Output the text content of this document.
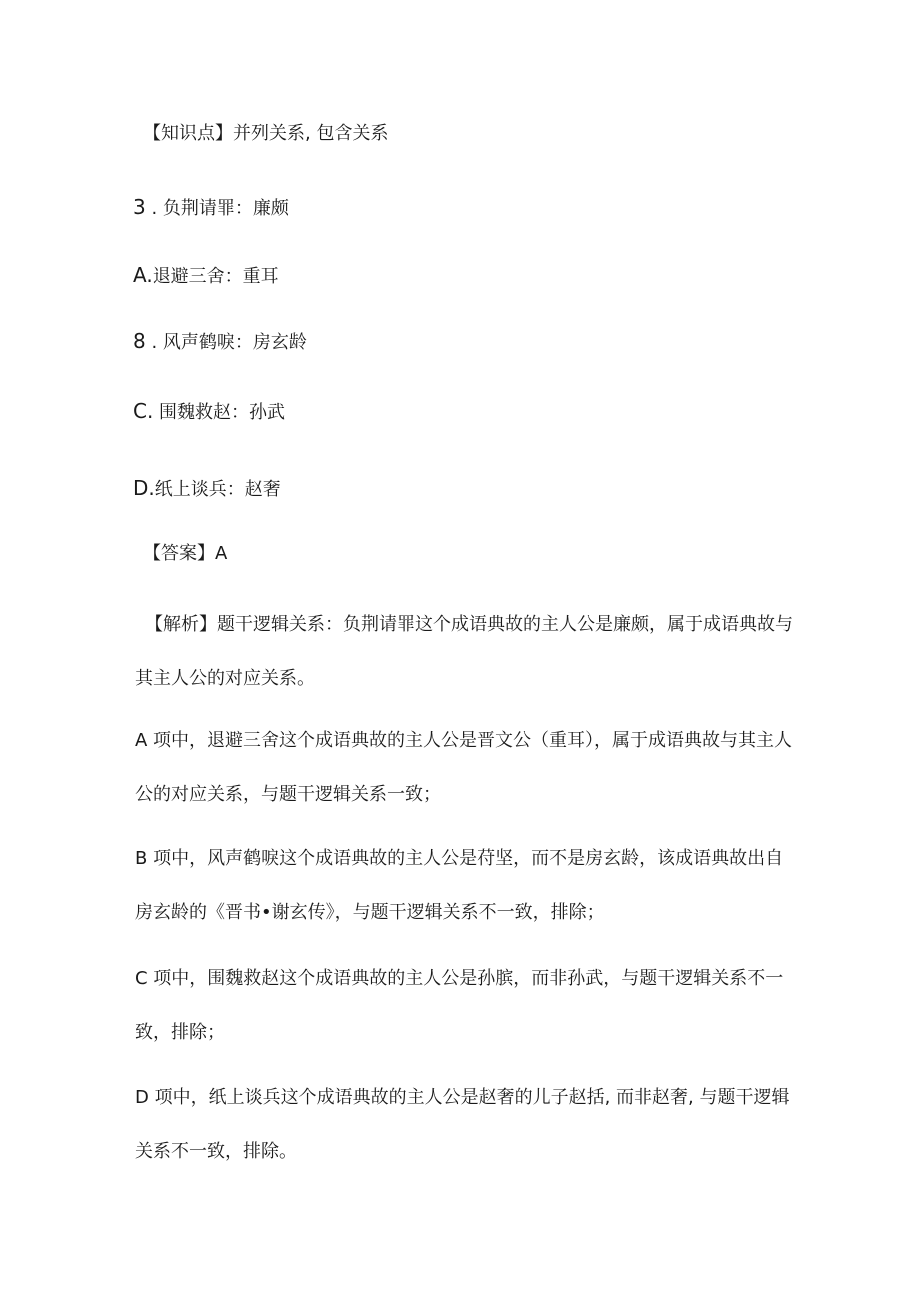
【知识点】并列关系, 包含关系
3 . 负荆请罪：廉颇
A.退避三舍：重耳
8 . 风声鹤唳：房玄龄
C. 围魏救赵：孙武
D.纸上谈兵：赵奢
【答案】A
【解析】题干逻辑关系：负荆请罪这个成语典故的主人公是廉颇，属于成语典故与其主人公的对应关系。
A 项中，退避三舍这个成语典故的主人公是晋文公（重耳），属于成语典故与其主人公的对应关系，与题干逻辑关系一致；
B 项中，风声鹤唳这个成语典故的主人公是苻坚，而不是房玄龄，该成语典故出自房玄龄的《晋书•谢玄传》，与题干逻辑关系不一致，排除；
C 项中，围魏救赵这个成语典故的主人公是孙膑，而非孙武，与题干逻辑关系不一致，排除；
D 项中，纸上谈兵这个成语典故的主人公是赵奢的儿子赵括, 而非赵奢, 与题干逻辑关系不一致，排除。
